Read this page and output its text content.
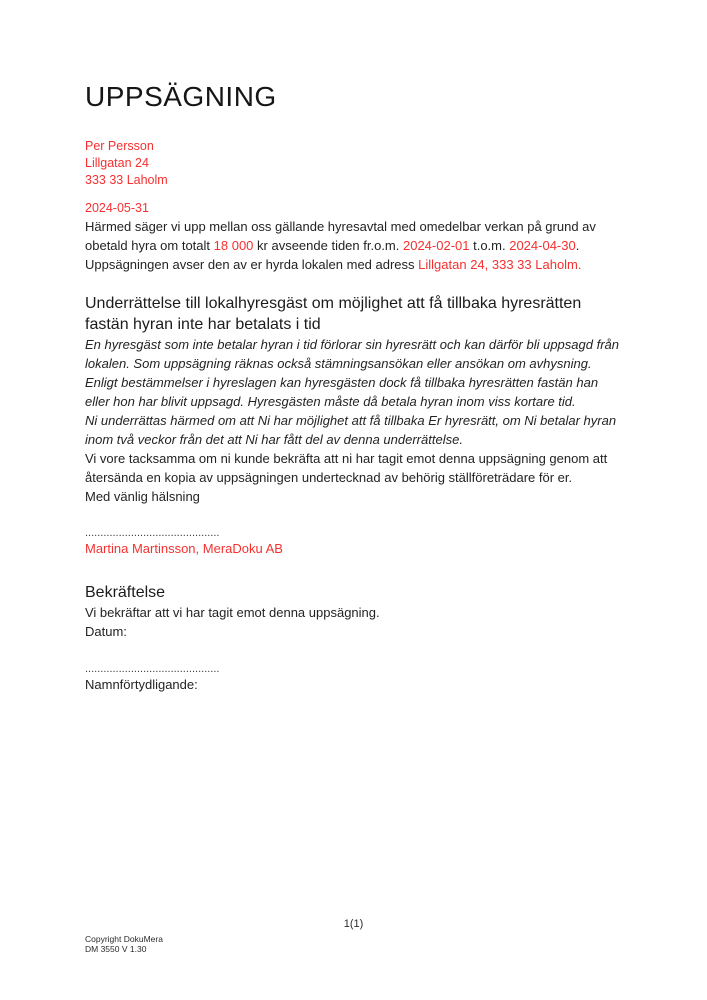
UPPSÄGNING
Per Persson
Lillgatan 24
333 33 Laholm
2024-05-31

Härmed säger vi upp mellan oss gällande hyresavtal med omedelbar verkan på grund av obetald hyra om totalt 18 000 kr avseende tiden fr.o.m. 2024-02-01 t.o.m. 2024-04-30. Uppsägningen avser den av er hyrda lokalen med adress Lillgatan 24, 333 33 Laholm.

Underrättelse till lokalhyresgäst om möjlighet att få tillbaka hyresrätten fastän hyran inte har betalats i tid

En hyresgäst som inte betalar hyran i tid förlorar sin hyresrätt och kan därför bli uppsagd från lokalen. Som uppsägning räknas också stämningsansökan eller ansökan om avhysning. Enligt bestämmelser i hyreslagen kan hyresgästen dock få tillbaka hyresrätten fastän han eller hon har blivit uppsagd. Hyresgästen måste då betala hyran inom viss kortare tid.

Ni underrättas härmed om att Ni har möjlighet att få tillbaka Er hyresrätt, om Ni betalar hyran inom två veckor från det att Ni har fått del av denna underrättelse.

Vi vore tacksamma om ni kunde bekräfta att ni har tagit emot denna uppsägning genom att återsända en kopia av uppsägningen undertecknad av behörig ställföreträdare för er.

Med vänlig hälsning

............................................
Martina Martinsson, MeraDoku AB
Bekräftelse

Vi bekräftar att vi har tagit emot denna uppsägning.

Datum:

............................................

Namnförtydligande:

1(1)
Copyright DokuMera
DM 3550 V 1.30
